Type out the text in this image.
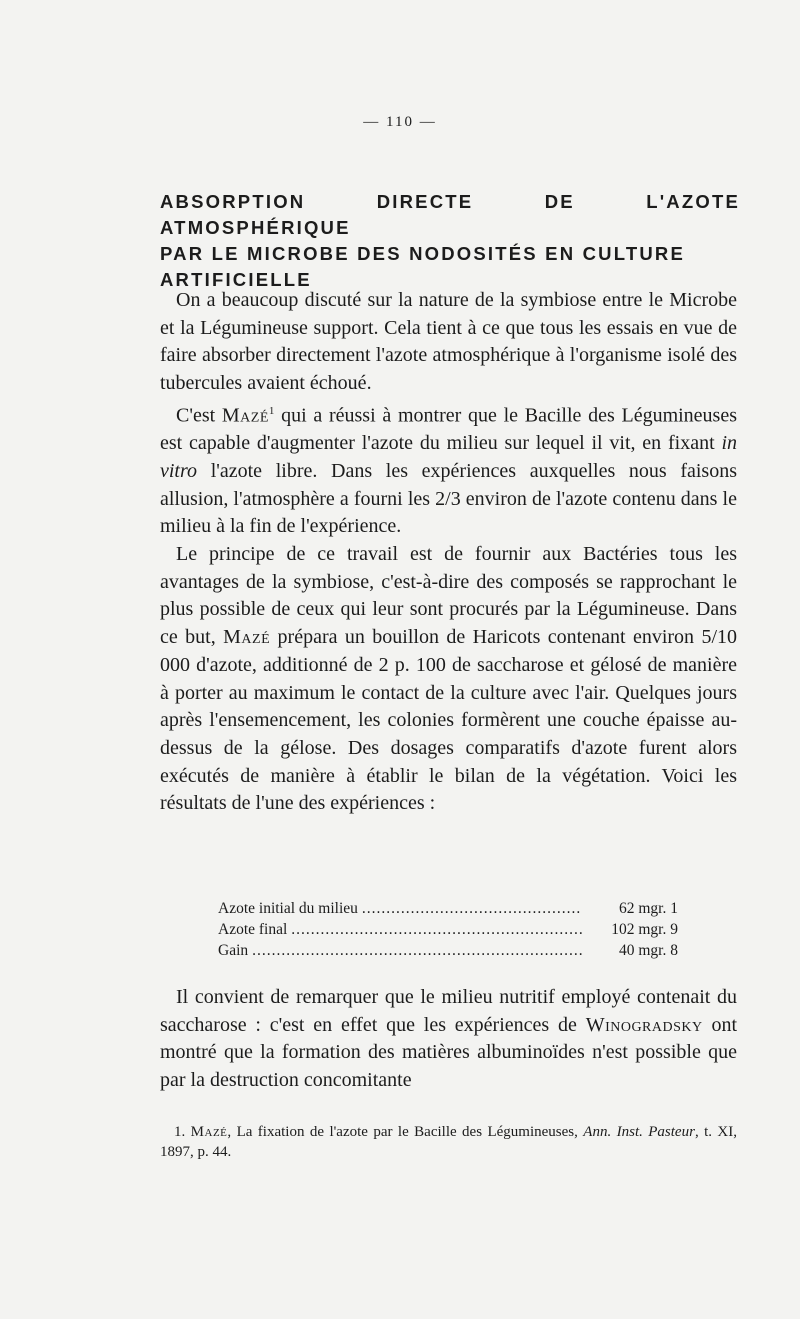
— 110 —
ABSORPTION DIRECTE DE L'AZOTE ATMOSPHÉRIQUE
PAR LE MICROBE DES NODOSITÉS EN CULTURE
ARTIFICIELLE

On a beaucoup discuté sur la nature de la symbiose entre le Microbe et la Légumineuse support. Cela tient à ce que tous les essais en vue de faire absorber directement l'azote atmosphérique à l'organisme isolé des tubercules avaient échoué.

C'est Mazé$^1$ qui a réussi à montrer que le Bacille des Légumineuses est capable d'augmenter l'azote du milieu sur lequel il vit, en fixant in vitro l'azote libre. Dans les expériences auxquelles nous faisons allusion, l'atmosphère a fourni les 2/3 environ de l'azote contenu dans le milieu à la fin de l'expérience.

Le principe de ce travail est de fournir aux Bactéries tous les avantages de la symbiose, c'est-à-dire des composés se rapprochant le plus possible de ceux qui leur sont procurés par la Légumineuse. Dans ce but, Mazé prépara un bouillon de Haricots contenant environ 5/10 000 d'azote, additionné de 2 p. 100 de saccharose et gélosé de manière à porter au maximum le contact de la culture avec l'air. Quelques jours après l'ensemencement, les colonies formèrent une couche épaisse au-dessus de la gélose. Des dosages comparatifs d'azote furent alors exécutés de manière à établir le bilan de la végétation. Voici les résultats de l'une des expériences :

Azote initial du milieu .....	62 mgr. 1
Azote final .....	102 mgr. 9
Gain .....	40 mgr. 8

Il convient de remarquer que le milieu nutritif employé contenait du saccharose : c'est en effet que les expériences de Winogradsky ont montré que la formation des matières albuminoïdes n'est possible que par la destruction concomitante

1. Mazé, La fixation de l'azote par le Bacille des Légumineuses, Ann. Inst. Pasteur, t. XI, 1897, p. 44.
